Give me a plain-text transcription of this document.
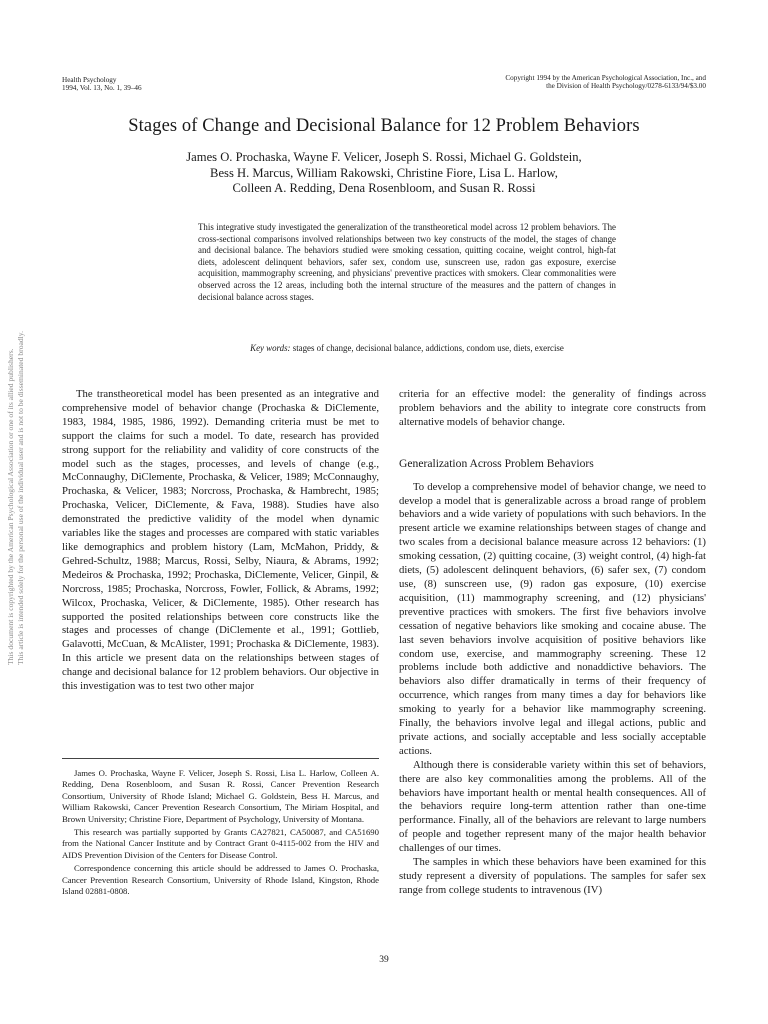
Health Psychology
1994, Vol. 13, No. 1, 39–46
Copyright 1994 by the American Psychological Association, Inc., and
the Division of Health Psychology/0278-6133/94/$3.00
This document is copyrighted by the American Psychological Association or one of its allied publishers. This article is intended solely for the personal use of the individual user and is not to be disseminated broadly.
Stages of Change and Decisional Balance for 12 Problem Behaviors
James O. Prochaska, Wayne F. Velicer, Joseph S. Rossi, Michael G. Goldstein,
Bess H. Marcus, William Rakowski, Christine Fiore, Lisa L. Harlow,
Colleen A. Redding, Dena Rosenbloom, and Susan R. Rossi
This integrative study investigated the generalization of the transtheoretical model across 12 problem behaviors. The cross-sectional comparisons involved relationships between two key constructs of the model, the stages of change and decisional balance. The behaviors studied were smoking cessation, quitting cocaine, weight control, high-fat diets, adolescent delinquent behaviors, safer sex, condom use, sunscreen use, radon gas exposure, exercise acquisition, mammography screening, and physicians' preventive practices with smokers. Clear commonalities were observed across the 12 areas, including both the internal structure of the measures and the pattern of changes in decisional balance across stages.
Key words: stages of change, decisional balance, addictions, condom use, diets, exercise

The transtheoretical model has been presented as an integrative and comprehensive model of behavior change (Prochaska & DiClemente, 1983, 1984, 1985, 1986, 1992). Demanding criteria must be met to support the claims for such a model. To date, research has provided strong support for the reliability and validity of core constructs of the model such as the stages, processes, and levels of change (e.g., McConnaughy, DiClemente, Prochaska, & Velicer, 1989; McConnaughy, Prochaska, & Velicer, 1983; Norcross, Prochaska, & Hambrecht, 1985; Prochaska, Velicer, DiClemente, & Fava, 1988). Studies have also demonstrated the predictive validity of the model when dynamic variables like the stages and processes are compared with static variables like demographics and problem history (Lam, McMahon, Priddy, & Gehred-Schultz, 1988; Marcus, Rossi, Selby, Niaura, & Abrams, 1992; Medeiros & Prochaska, 1992; Prochaska, DiClemente, Velicer, Ginpil, & Norcross, 1985; Prochaska, Norcross, Fowler, Follick, & Abrams, 1992; Wilcox, Prochaska, Velicer, & DiClemente, 1985). Other research has supported the posited relationships between core constructs like the stages and processes of change (DiClemente et al., 1991; Gottlieb, Galavotti, McCuan, & McAlister, 1991; Prochaska & DiClemente, 1983). In this article we present data on the relationships between stages of change and decisional balance for 12 problem behaviors. Our objective in this investigation was to test two other major

James O. Prochaska, Wayne F. Velicer, Joseph S. Rossi, Lisa L. Harlow, Colleen A. Redding, Dena Rosenbloom, and Susan R. Rossi, Cancer Prevention Research Consortium, University of Rhode Island; Michael G. Goldstein, Bess H. Marcus, and William Rakowski, Cancer Prevention Research Consortium, The Miriam Hospital, and Brown University; Christine Fiore, Department of Psychology, University of Montana.

This research was partially supported by Grants CA27821, CA50087, and CA51690 from the National Cancer Institute and by Contract Grant 0-4115-002 from the HIV and AIDS Prevention Division of the Centers for Disease Control.

Correspondence concerning this article should be addressed to James O. Prochaska, Cancer Prevention Research Consortium, University of Rhode Island, Kingston, Rhode Island 02881-0808.

criteria for an effective model: the generality of findings across problem behaviors and the ability to integrate core constructs from alternative models of behavior change.

Generalization Across Problem Behaviors

To develop a comprehensive model of behavior change, we need to develop a model that is generalizable across a broad range of problem behaviors and a wide variety of populations with such behaviors. In the present article we examine relationships between stages of change and two scales from a decisional balance measure across 12 behaviors: (1) smoking cessation, (2) quitting cocaine, (3) weight control, (4) high-fat diets, (5) adolescent delinquent behaviors, (6) safer sex, (7) condom use, (8) sunscreen use, (9) radon gas exposure, (10) exercise acquisition, (11) mammography screening, and (12) physicians' preventive practices with smokers. The first five behaviors involve cessation of negative behaviors like smoking and cocaine abuse. The last seven behaviors involve acquisition of positive behaviors like condom use, exercise, and mammography screening. These 12 problems include both addictive and nonaddictive behaviors. The behaviors also differ dramatically in terms of their frequency of occurrence, which ranges from many times a day for behaviors like smoking to yearly for a behavior like mammography screening. Finally, the behaviors involve legal and illegal actions, public and private actions, and socially acceptable and less socially acceptable actions.

Although there is considerable variety within this set of behaviors, there are also key commonalities among the problems. All of the behaviors have important health or mental health consequences. All of the behaviors require long-term attention rather than one-time performance. Finally, all of the behaviors are relevant to large numbers of people and together represent many of the major health behavior challenges of our times.

The samples in which these behaviors have been examined for this study represent a diversity of populations. The samples for safer sex range from college students to intravenous (IV)

39
